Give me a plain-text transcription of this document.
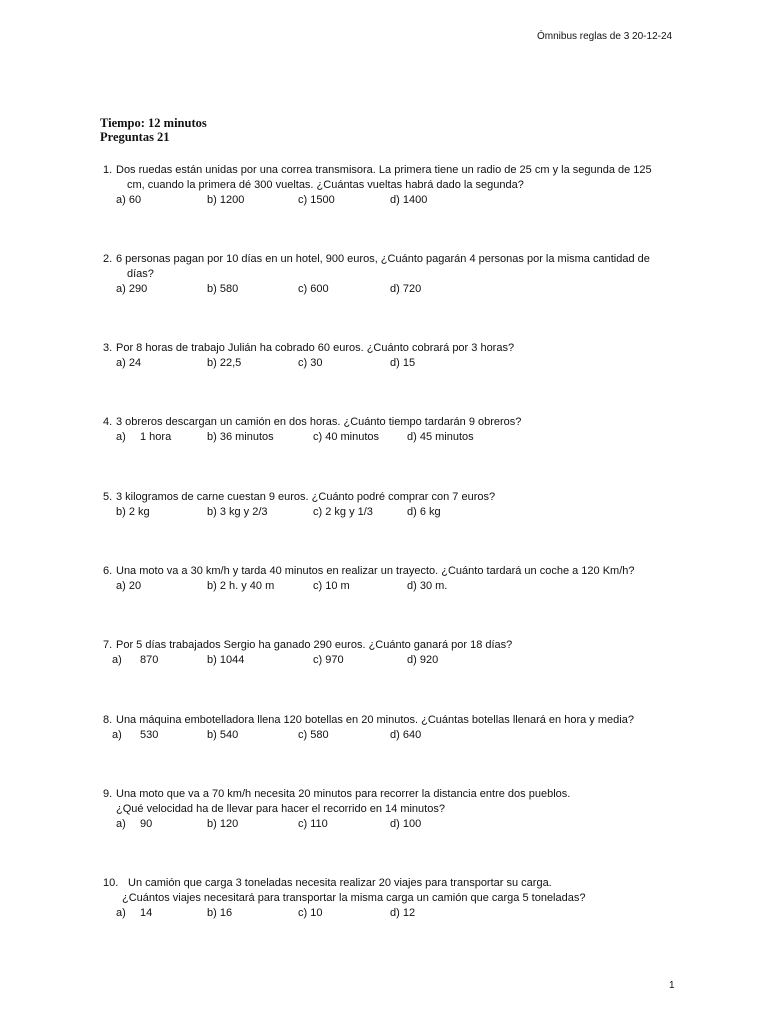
Ómnibus reglas de 3 20-12-24
Tiempo: 12 minutos
Preguntas 21
1. Dos ruedas están unidas por una correa transmisora. La primera tiene un radio de 25 cm y la segunda de 125
cm, cuando la primera dé 300 vueltas. ¿Cuántas vueltas habrá dado la segunda?
a) 60	b) 1200	c) 1500	d) 1400
2. 6 personas pagan por 10 días en un hotel, 900 euros, ¿Cuánto pagarán 4 personas por la misma cantidad de
días?
a) 290	b) 580	c) 600	d) 720
3. Por 8 horas de trabajo Julián ha cobrado 60 euros. ¿Cuánto cobrará por 3 horas?
a) 24	b) 22,5	c) 30	d) 15
4. 3 obreros descargan un camión en dos horas. ¿Cuánto tiempo tardarán 9 obreros?
a) 1 hora	b) 36 minutos	c) 40 minutos	d) 45 minutos
5. 3 kilogramos de carne cuestan 9 euros. ¿Cuánto podré comprar con 7 euros?
b) 2 kg	b) 3 kg y 2/3	c) 2 kg y 1/3	d) 6 kg
6. Una moto va a 30 km/h y tarda 40 minutos en realizar un trayecto. ¿Cuánto tardará un coche a 120 Km/h?
a) 20	b) 2 h. y 40 m	c) 10 m	d) 30 m.
7. Por 5 días trabajados Sergio ha ganado 290 euros. ¿Cuánto ganará por 18 días?
a) 870	b) 1044	c) 970	d) 920
8. Una máquina embotelladora llena 120 botellas en 20 minutos. ¿Cuántas botellas llenará en hora y media?
a) 530	b) 540	c) 580	d) 640
9. Una moto que va a 70 km/h necesita 20 minutos para recorrer la distancia entre dos pueblos.
¿Qué velocidad ha de llevar para hacer el recorrido en 14 minutos?
a) 90	b) 120	c) 110	d) 100
10. Un camión que carga 3 toneladas necesita realizar 20 viajes para transportar su carga.
¿Cuántos viajes necesitará para transportar la misma carga un camión que carga 5 toneladas?
a) 14	b) 16	c) 10	d) 12
1
